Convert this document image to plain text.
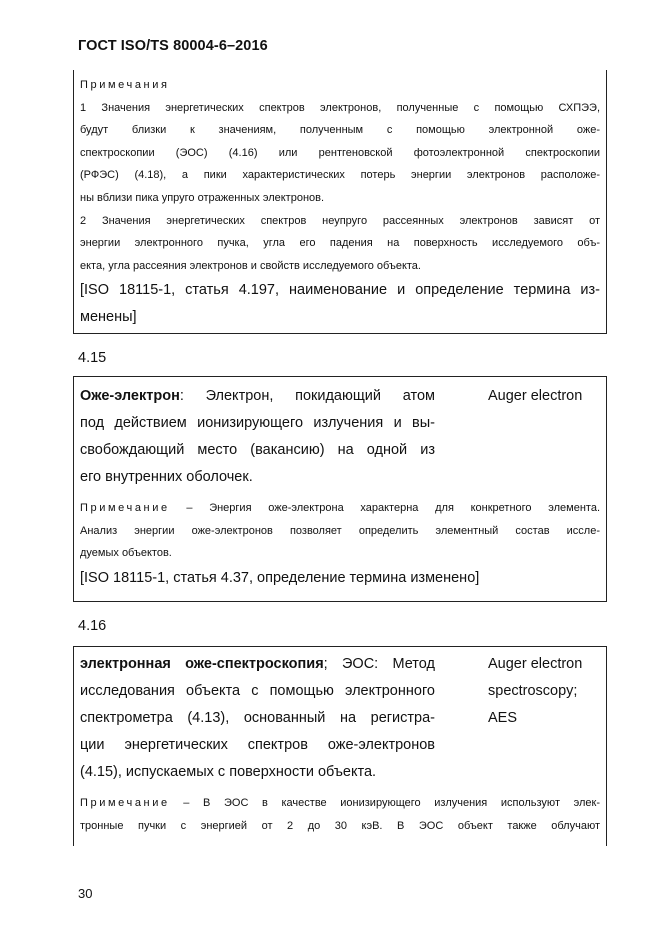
ГОСТ ISO/TS 80004-6–2016
Примечания
1 Значения энергетических спектров электронов, полученные с помощью СХПЭЭ,
будут близки к значениям, полученным с помощью электронной оже-
спектроскопии (ЭОС) (4.16) или рентгеновской фотоэлектронной спектроскопии
(РФЭС) (4.18), а пики характеристических потерь энергии электронов расположе-
ны вблизи пика упруго отраженных электронов.
2 Значения энергетических спектров неупруго рассеянных электронов зависят от
энергии электронного пучка, угла его падения на поверхность исследуемого объ-
екта, угла рассеяния электронов и свойств исследуемого объекта.
[ISO 18115-1, статья 4.197, наименование и определение термина из-
менены]
4.15
Оже-электрон: Электрон, покидающий атом
под действием ионизирующего излучения и вы-
свобождающий место (вакансию) на одной из
его внутренних оболочек.
Auger electron
Примечание – Энергия оже-электрона характерна для конкретного элемента.
Анализ энергии оже-электронов позволяет определить элементный состав иссле-
дуемых объектов.
[ISO 18115-1, статья 4.37, определение термина изменено]
4.16
электронная оже-спектроскопия; ЭОС: Метод
исследования объекта с помощью электронного
спектрометра (4.13), основанный на регистра-
ции энергетических спектров оже-электронов
(4.15), испускаемых с поверхности объекта.
Auger electron
spectroscopy;
AES
Примечание – В ЭОС в качестве ионизирующего излучения используют элек-
тронные пучки с энергией от 2 до 30 кэВ. В ЭОС объект также облучают
30
